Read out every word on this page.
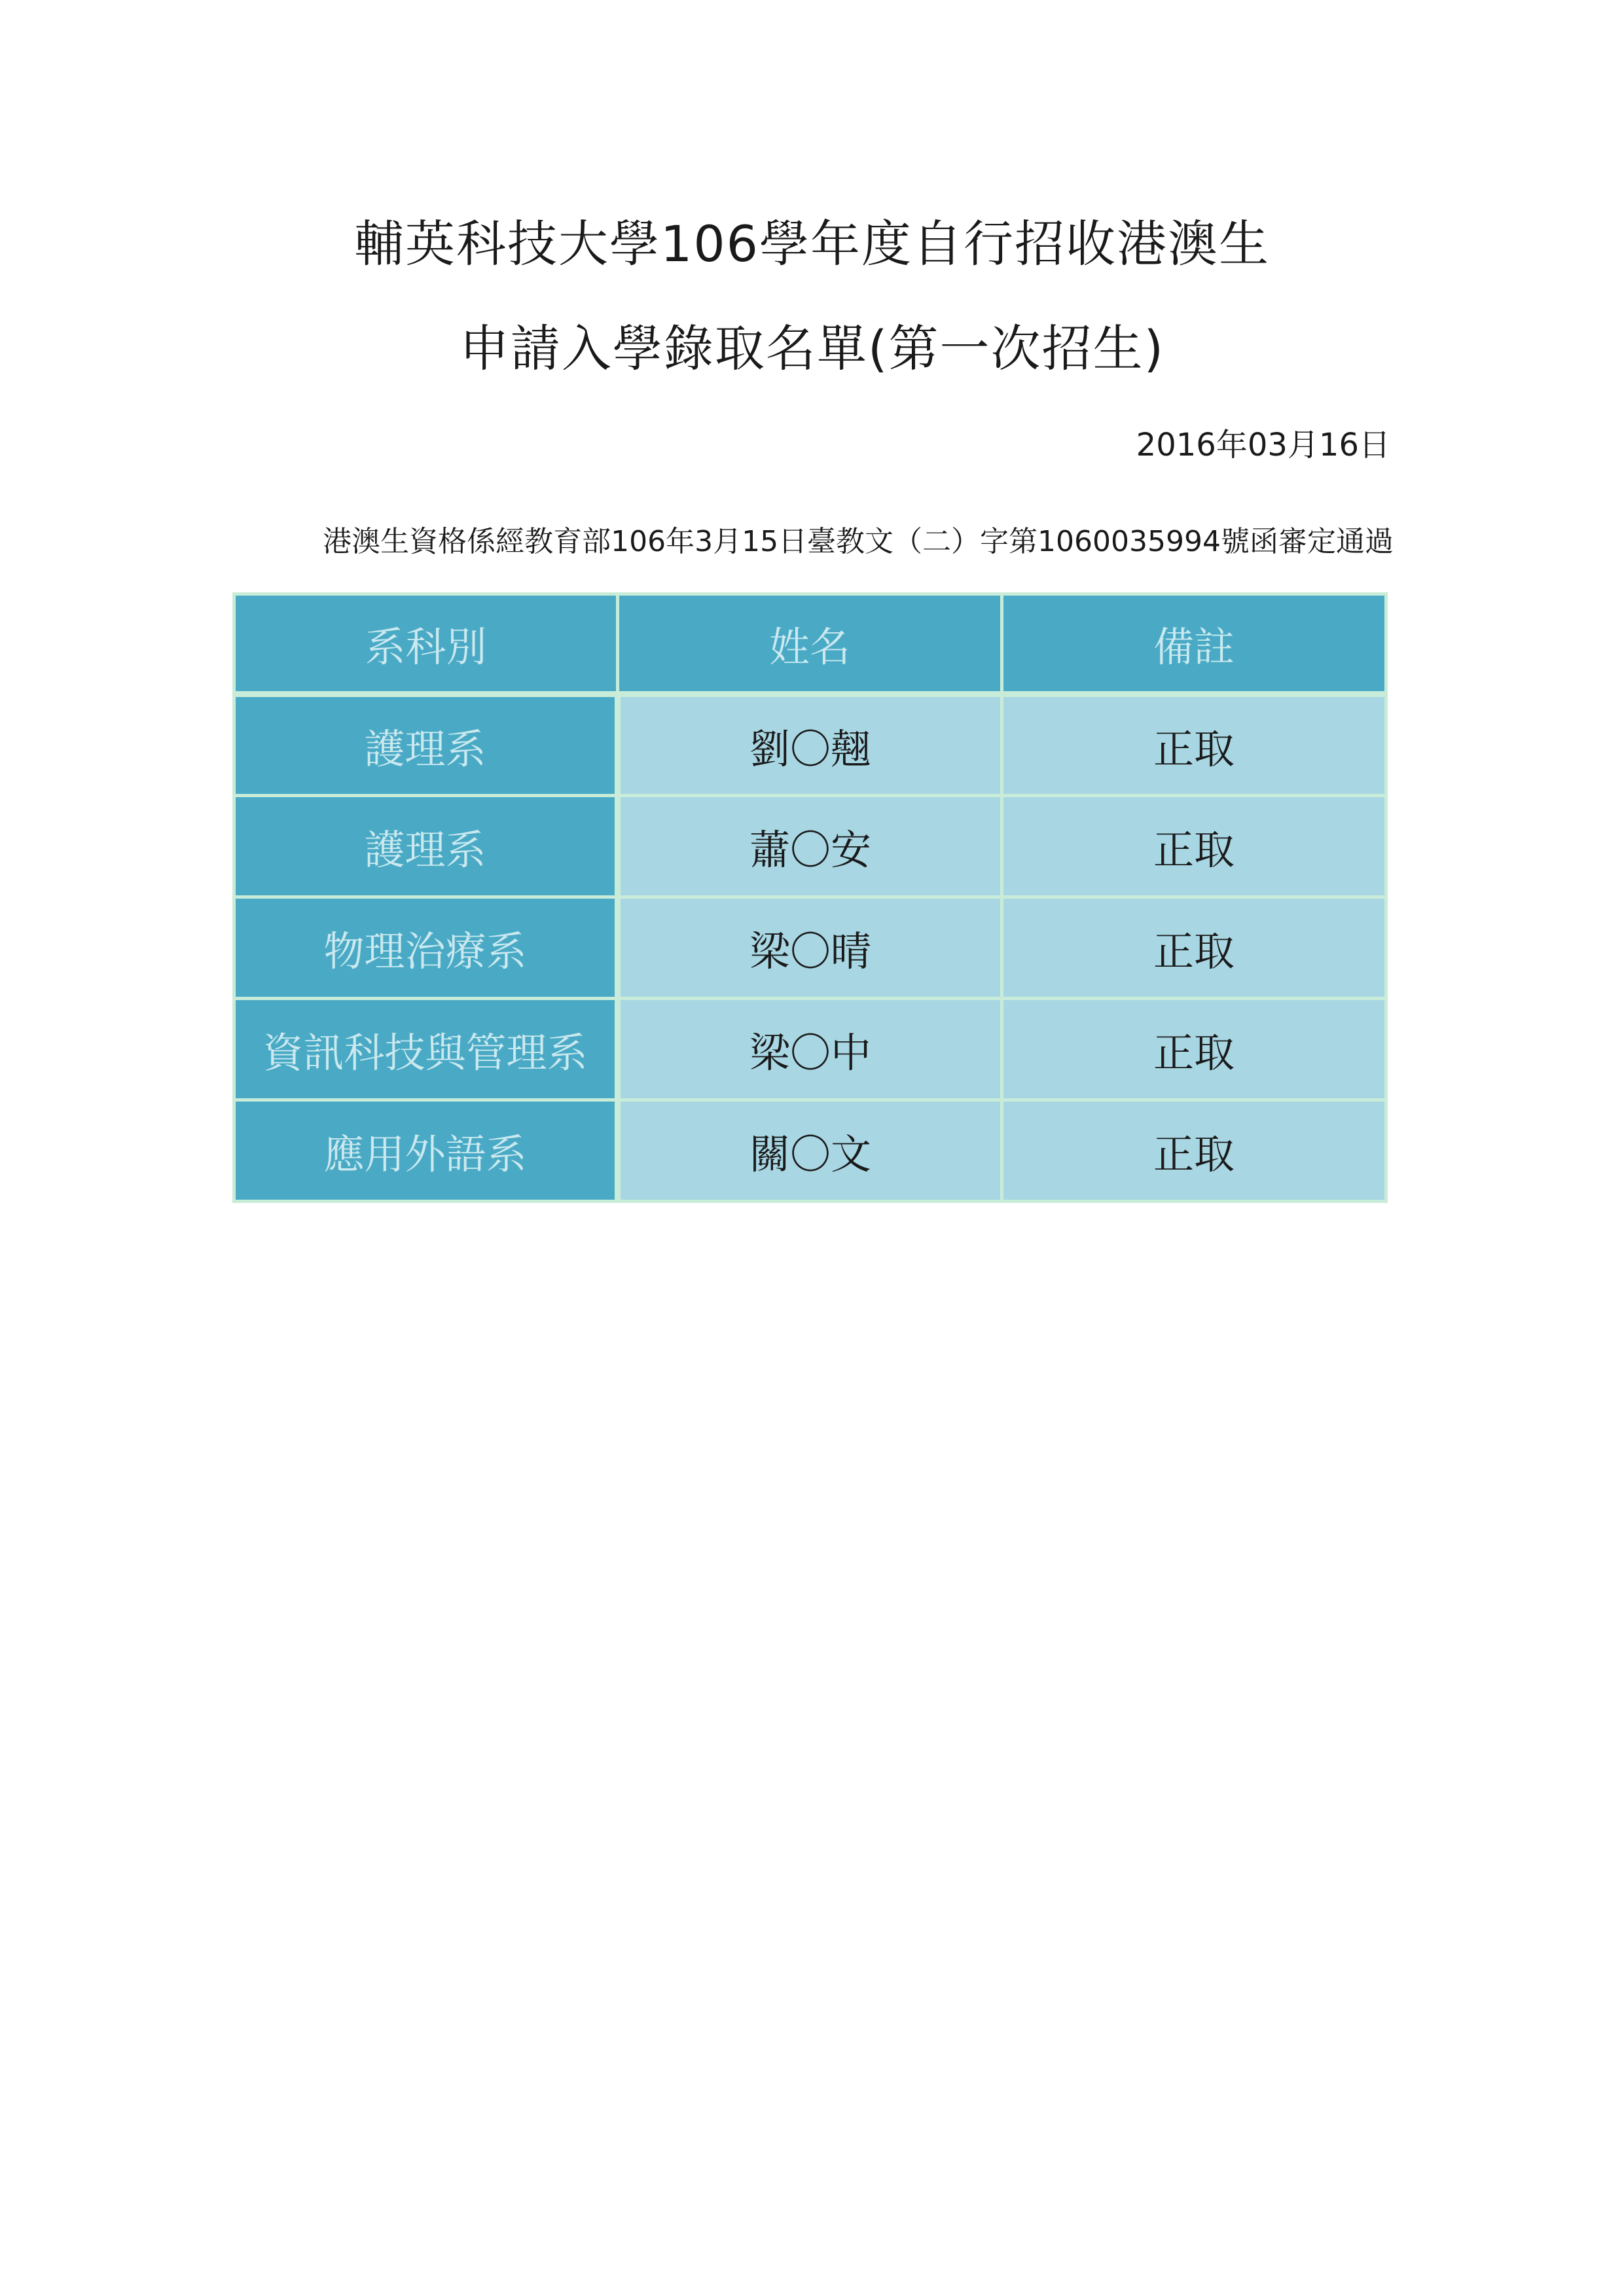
輔英科技大學106學年度自行招收港澳生
申請入學錄取名單(第一次招生)
2016年03月16日
港澳生資格係經教育部106年3月15日臺教文（二）字第1060035994號函審定通過
系科別	姓名	備註
護理系	劉〇翹	正取
護理系	蕭〇安	正取
物理治療系	梁〇晴	正取
資訊科技與管理系	梁〇中	正取
應用外語系	關〇文	正取
